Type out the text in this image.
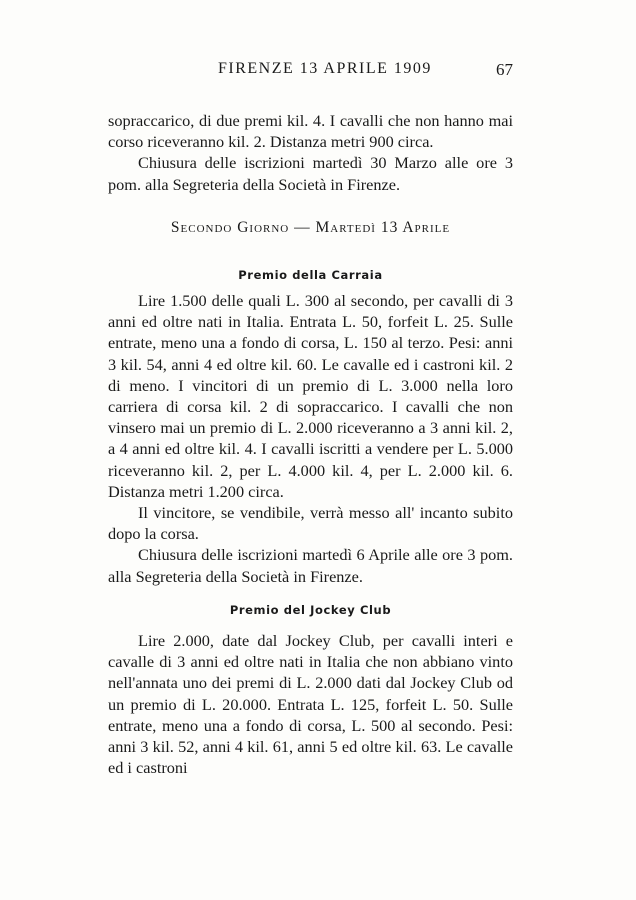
FIRENZE 13 APRILE 1909	67

sopraccarico, di due premi kil. 4. I cavalli che non hanno mai corso riceveranno kil. 2. Distanza metri 900 circa.

Chiusura delle iscrizioni martedì 30 Marzo alle ore 3 pom. alla Segreteria della Società in Firenze.

Secondo Giorno — Martedì 13 Aprile
Premio della Carraia

Lire 1.500 delle quali L. 300 al secondo, per cavalli di 3 anni ed oltre nati in Italia. Entrata L. 50, forfeit L. 25. Sulle entrate, meno una a fondo di corsa, L. 150 al terzo. Pesi: anni 3 kil. 54, anni 4 ed oltre kil. 60. Le cavalle ed i castroni kil. 2 di meno. I vincitori di un premio di L. 3.000 nella loro carriera di corsa kil. 2 di sopraccarico. I cavalli che non vinsero mai un premio di L. 2.000 riceveranno a 3 anni kil. 2, a 4 anni ed oltre kil. 4. I cavalli iscritti a vendere per L. 5.000 riceveranno kil. 2, per L. 4.000 kil. 4, per L. 2.000 kil. 6. Distanza metri 1.200 circa.

Il vincitore, se vendibile, verrà messo all' incanto subito dopo la corsa.

Chiusura delle iscrizioni martedì 6 Aprile alle ore 3 pom. alla Segreteria della Società in Firenze.

Premio del Jockey Club

Lire 2.000, date dal Jockey Club, per cavalli interi e cavalle di 3 anni ed oltre nati in Italia che non abbiano vinto nell'annata uno dei premi di L. 2.000 dati dal Jockey Club od un premio di L. 20.000. Entrata L. 125, forfeit L. 50. Sulle entrate, meno una a fondo di corsa, L. 500 al secondo. Pesi: anni 3 kil. 52, anni 4 kil. 61, anni 5 ed oltre kil. 63. Le cavalle ed i castroni
